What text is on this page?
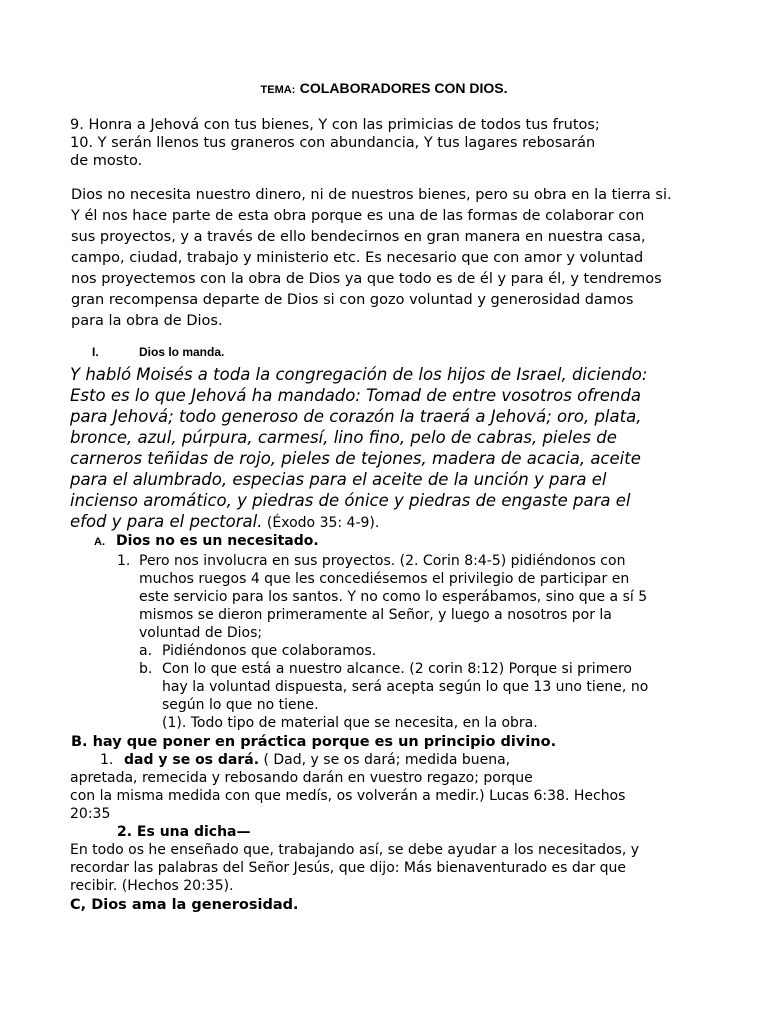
TEMA: COLABORADORES CON DIOS.
9. Honra a Jehová con tus bienes, Y con las primicias de todos tus frutos;
10. Y serán llenos tus graneros con abundancia, Y tus lagares rebosarán
de mosto.
Dios no necesita nuestro dinero, ni de nuestros bienes, pero su obra en la tierra si.
Y él nos hace parte de esta obra porque es una de las formas de colaborar con
sus proyectos, y a través de ello bendecirnos en gran manera en nuestra casa,
campo, ciudad, trabajo y ministerio etc. Es necesario que con amor y voluntad
nos proyectemos con la obra de Dios ya que todo es de él y para él, y tendremos
gran recompensa departe de Dios si con gozo voluntad y generosidad damos
para la obra de Dios.
I.	Dios lo manda.
Y habló Moisés a toda la congregación de los hijos de Israel, diciendo:
Esto es lo que Jehová ha mandado: Tomad de entre vosotros ofrenda
para Jehová; todo generoso de corazón la traerá a Jehová; oro, plata,
bronce, azul, púrpura, carmesí, lino fino, pelo de cabras, pieles de
carneros teñidas de rojo, pieles de tejones, madera de acacia, aceite
para el alumbrado, especias para el aceite de la unción y para el
incienso aromático, y piedras de ónice y piedras de engaste para el
efod y para el pectoral. (Éxodo 35: 4-9).
A. Dios no es un necesitado.
1. Pero nos involucra en sus proyectos. (2. Corin 8:4-5) pidiéndonos con
muchos ruegos 4 que les concediésemos el privilegio de participar en
este servicio para los santos. Y no como lo esperábamos, sino que a sí 5
mismos se dieron primeramente al Señor, y luego a nosotros por la
voluntad de Dios;
a. Pidiéndonos que colaboramos.
b. Con lo que está a nuestro alcance. (2 corin 8:12) Porque si primero
hay la voluntad dispuesta, será acepta según lo que 13 uno tiene, no
según lo que no tiene.
(1). Todo tipo de material que se necesita, en la obra.
B. hay que poner en práctica porque es un principio divino.
1. dad y se os dará. ( Dad, y se os dará; medida buena,
apretada, remecida y rebosando darán en vuestro regazo; porque
con la misma medida con que medís, os volverán a medir.) Lucas 6:38. Hechos
20:35
2. Es una dicha—
En todo os he enseñado que, trabajando así, se debe ayudar a los necesitados, y
recordar las palabras del Señor Jesús, que dijo: Más bienaventurado es dar que
recibir. (Hechos 20:35).
C, Dios ama la generosidad.
